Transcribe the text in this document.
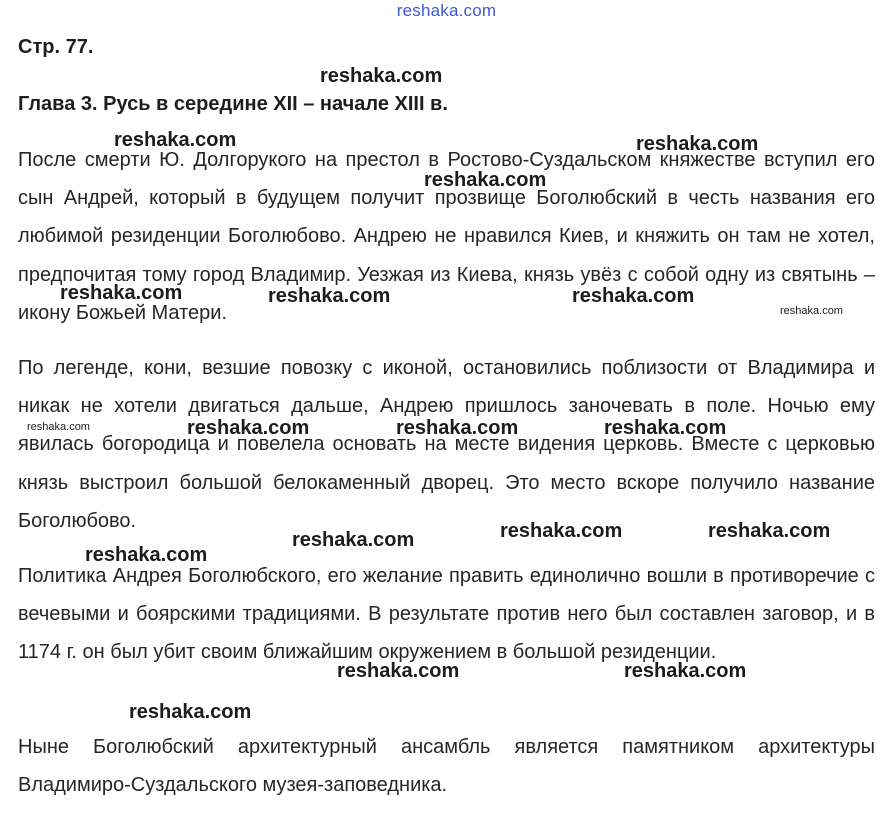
reshaka.com
Стр. 77.
Глава 3. Русь в середине XII – начале XIII в.
После смерти Ю. Долгорукого на престол в Ростово-Суздальском княжестве вступил его сын Андрей, который в будущем получит прозвище Боголюбский в честь названия его любимой резиденции Боголюбово. Андрею не нравился Киев, и княжить он там не хотел, предпочитая тому город Владимир. Уезжая из Киева, князь увёз с собой одну из святынь – икону Божьей Матери.
По легенде, кони, везшие повозку с иконой, остановились поблизости от Владимира и никак не хотели двигаться дальше, Андрею пришлось заночевать в поле. Ночью ему явилась богородица и повелела основать на месте видения церковь. Вместе с церковью князь выстроил большой белокаменный дворец. Это место вскоре получило название Боголюбово.
Политика Андрея Боголюбского, его желание править единолично вошли в противоречие с вечевыми и боярскими традициями. В результате против него был составлен заговор, и в 1174 г. он был убит своим ближайшим окружением в большой резиденции.
Ныне Боголюбский архитектурный ансамбль является памятником архитектуры Владимиро-Суздальского музея-заповедника.
reshaka.com
reshaka.com	reshaka.com
reshaka.com
reshaka.com	reshaka.com	reshaka.com
reshaka.com
reshaka.com	reshaka.com	reshaka.com	reshaka.com
reshaka.com	reshaka.com
reshaka.com
reshaka.com
reshaka.com	reshaka.com
reshaka.com
